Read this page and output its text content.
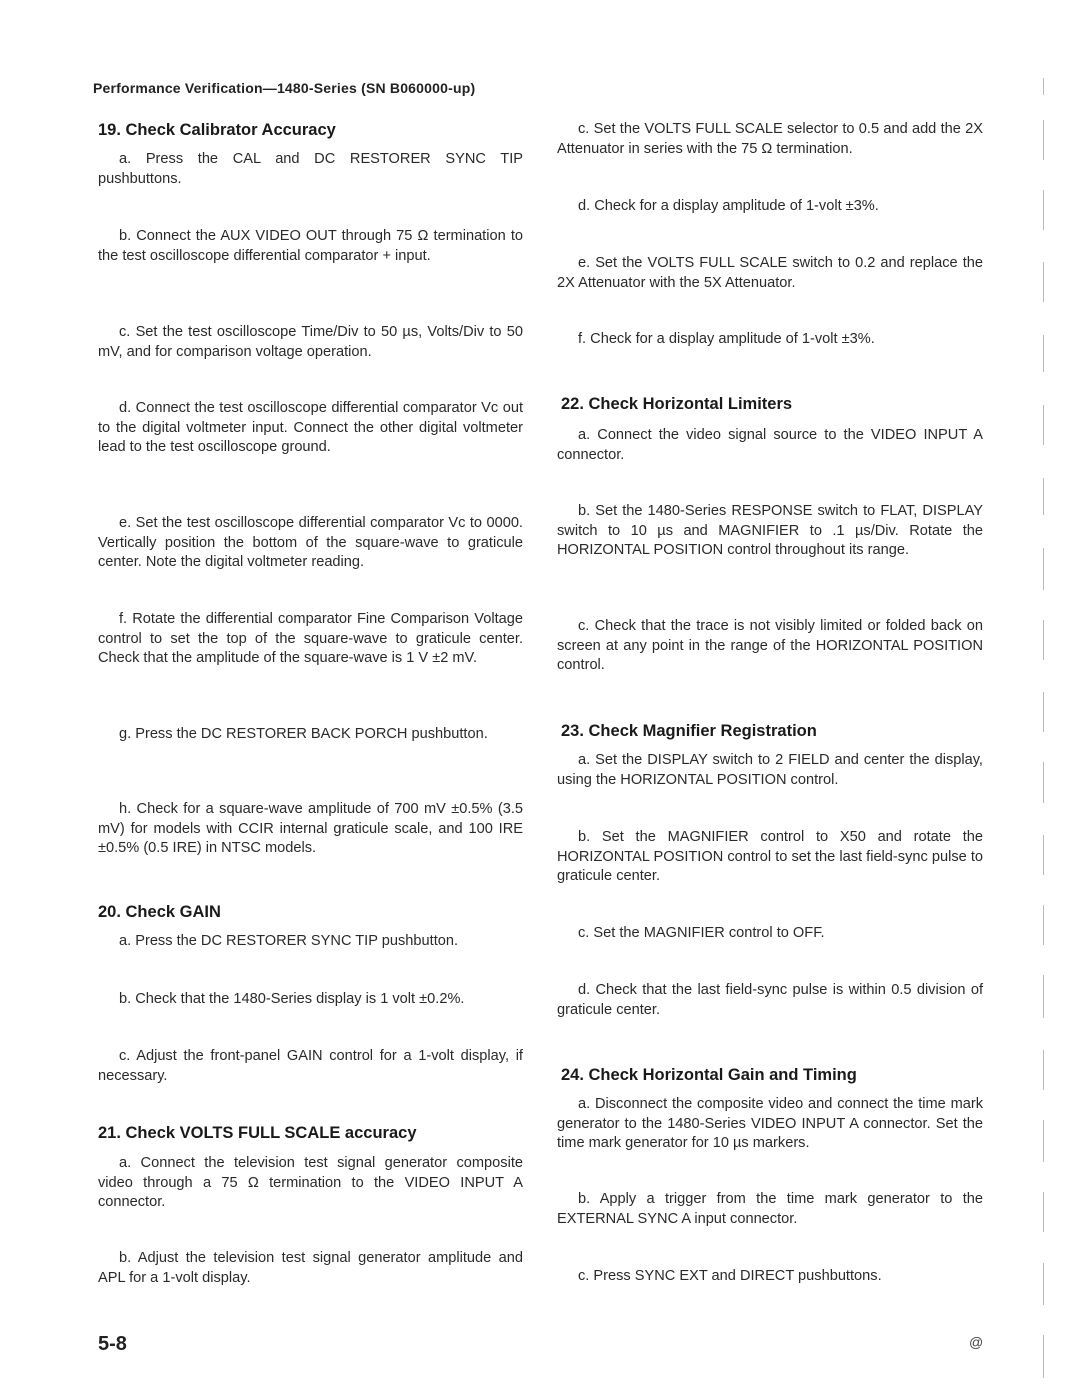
Performance Verification—1480-Series (SN B060000-up)
19. Check Calibrator Accuracy
a. Press the CAL and DC RESTORER SYNC TIP pushbuttons.
b. Connect the AUX VIDEO OUT through 75 Ω termination to the test oscilloscope differential comparator + input.
c. Set the test oscilloscope Time/Div to 50 µs, Volts/Div to 50 mV, and for comparison voltage operation.
d. Connect the test oscilloscope differential comparator Vc out to the digital voltmeter input. Connect the other digital voltmeter lead to the test oscilloscope ground.
e. Set the test oscilloscope differential comparator Vc to 0000. Vertically position the bottom of the square-wave to graticule center. Note the digital voltmeter reading.
f. Rotate the differential comparator Fine Comparison Voltage control to set the top of the square-wave to graticule center. Check that the amplitude of the square-wave is 1 V ±2 mV.
g. Press the DC RESTORER BACK PORCH pushbutton.
h. Check for a square-wave amplitude of 700 mV ±0.5% (3.5 mV) for models with CCIR internal graticule scale, and 100 IRE ±0.5% (0.5 IRE) in NTSC models.
20. Check GAIN
a. Press the DC RESTORER SYNC TIP pushbutton.
b. Check that the 1480-Series display is 1 volt ±0.2%.
c. Adjust the front-panel GAIN control for a 1-volt display, if necessary.
21. Check VOLTS FULL SCALE accuracy
a. Connect the television test signal generator composite video through a 75 Ω termination to the VIDEO INPUT A connector.
b. Adjust the television test signal generator amplitude and APL for a 1-volt display.
c. Set the VOLTS FULL SCALE selector to 0.5 and add the 2X Attenuator in series with the 75 Ω termination.
d. Check for a display amplitude of 1-volt ±3%.
e. Set the VOLTS FULL SCALE switch to 0.2 and replace the 2X Attenuator with the 5X Attenuator.
f. Check for a display amplitude of 1-volt ±3%.
22. Check Horizontal Limiters
a. Connect the video signal source to the VIDEO INPUT A connector.
b. Set the 1480-Series RESPONSE switch to FLAT, DISPLAY switch to 10 µs and MAGNIFIER to .1 µs/Div. Rotate the HORIZONTAL POSITION control throughout its range.
c. Check that the trace is not visibly limited or folded back on screen at any point in the range of the HORIZONTAL POSITION control.
23. Check Magnifier Registration
a. Set the DISPLAY switch to 2 FIELD and center the display, using the HORIZONTAL POSITION control.
b. Set the MAGNIFIER control to X50 and rotate the HORIZONTAL POSITION control to set the last field-sync pulse to graticule center.
c. Set the MAGNIFIER control to OFF.
d. Check that the last field-sync pulse is within 0.5 division of graticule center.
24. Check Horizontal Gain and Timing
a. Disconnect the composite video and connect the time mark generator to the 1480-Series VIDEO INPUT A connector. Set the time mark generator for 10 µs markers.
b. Apply a trigger from the time mark generator to the EXTERNAL SYNC A input connector.
c. Press SYNC EXT and DIRECT pushbuttons.
5-8	@
